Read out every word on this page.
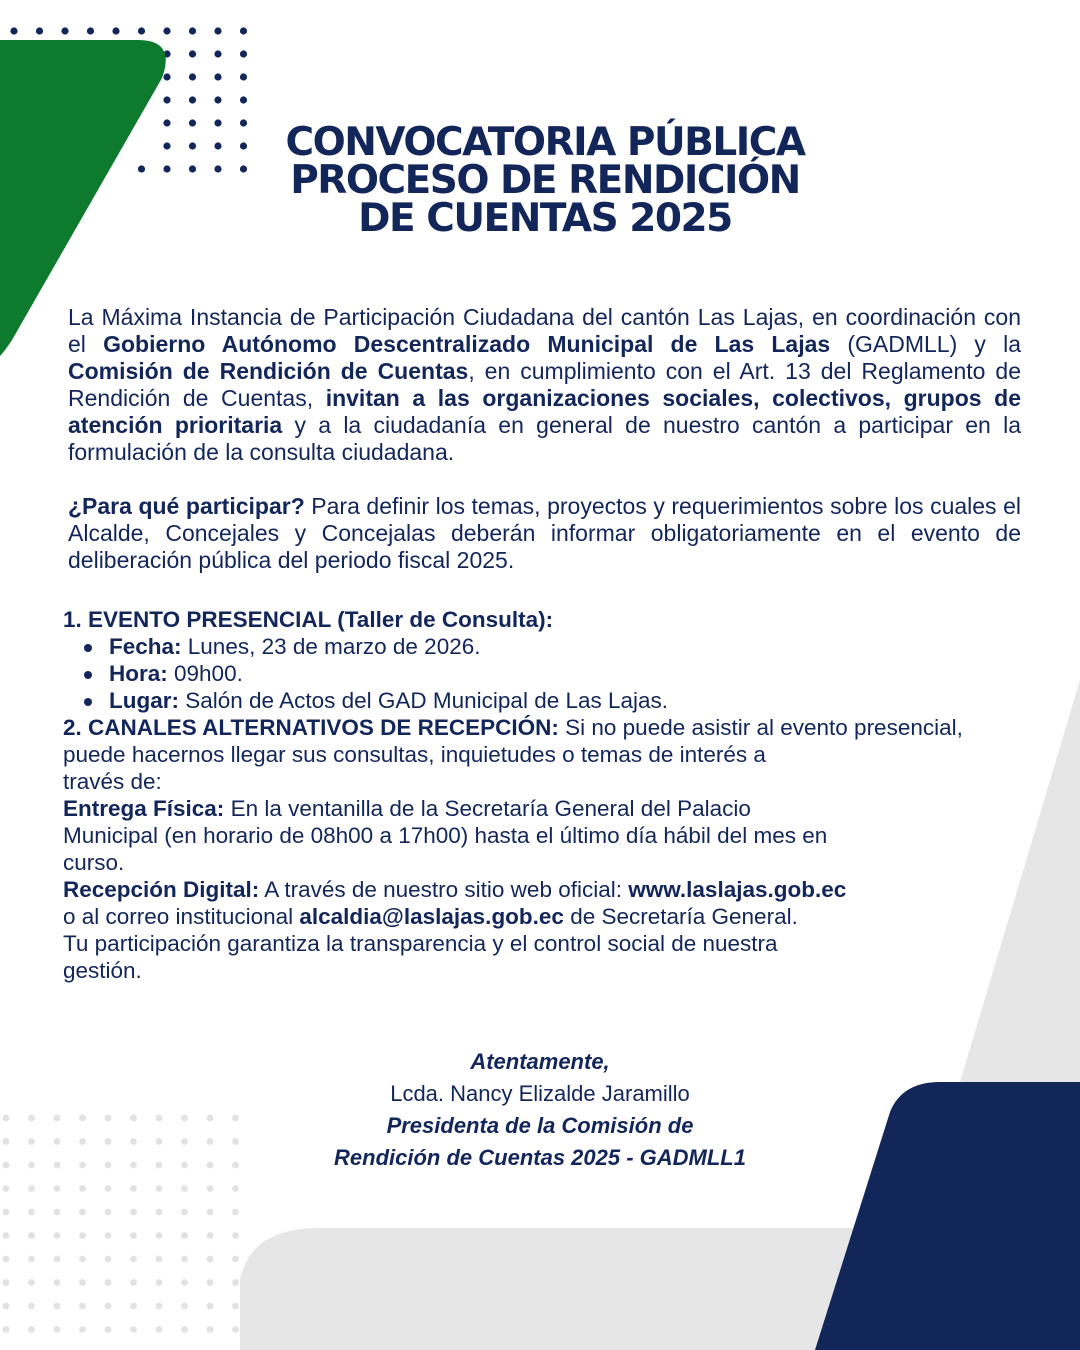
CONVOCATORIA PÚBLICA
PROCESO DE RENDICIÓN
DE CUENTAS 2025
La Máxima Instancia de Participación Ciudadana del cantón Las Lajas, en coordinación con el Gobierno Autónomo Descentralizado Municipal de Las Lajas (GADMLL) y la Comisión de Rendición de Cuentas, en cumplimiento con el Art. 13 del Reglamento de Rendición de Cuentas, invitan a las organizaciones sociales, colectivos, grupos de atención prioritaria y a la ciudadanía en general de nuestro cantón a participar en la formulación de la consulta ciudadana.
¿Para qué participar? Para definir los temas, proyectos y requerimientos sobre los cuales el Alcalde, Concejales y Concejalas deberán informar obligatoriamente en el evento de deliberación pública del periodo fiscal 2025.
1. EVENTO PRESENCIAL (Taller de Consulta):
Fecha: Lunes, 23 de marzo de 2026.
Hora: 09h00.
Lugar: Salón de Actos del GAD Municipal de Las Lajas.
2. CANALES ALTERNATIVOS DE RECEPCIÓN: Si no puede asistir al evento presencial,
puede hacernos llegar sus consultas, inquietudes o temas de interés a
través de:
Entrega Física: En la ventanilla de la Secretaría General del Palacio
Municipal (en horario de 08h00 a 17h00) hasta el último día hábil del mes en
curso.
Recepción Digital: A través de nuestro sitio web oficial: www.laslajas.gob.ec
o al correo institucional alcaldia@laslajas.gob.ec de Secretaría General.
Tu participación garantiza la transparencia y el control social de nuestra
gestión.
Atentamente,
Lcda. Nancy Elizalde Jaramillo
Presidenta de la Comisión de
Rendición de Cuentas 2025 - GADMLL1
